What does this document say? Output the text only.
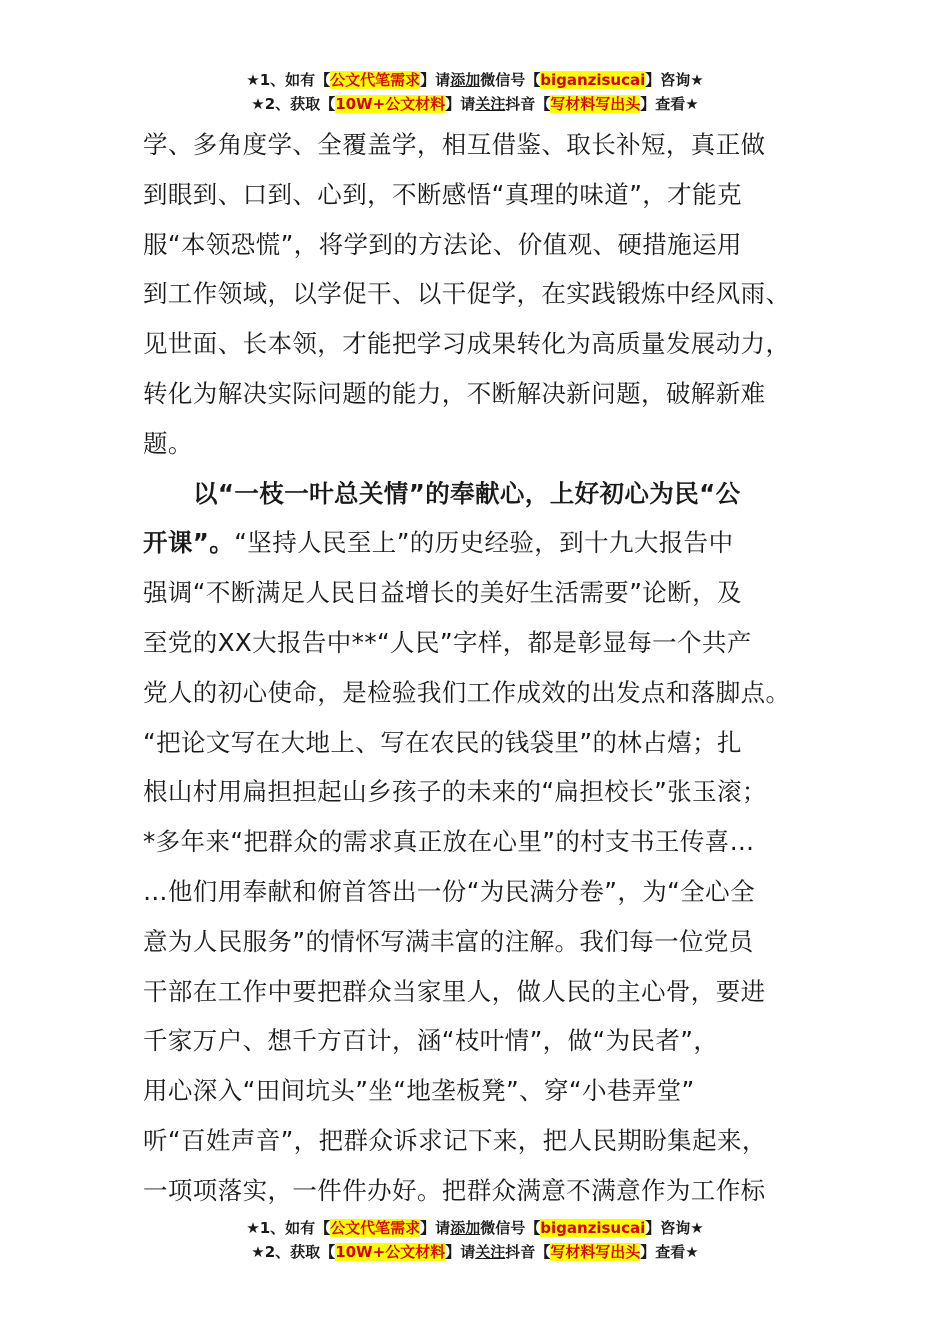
★1、如有【公文代笔需求】请添加微信号【biganzisucai】咨询★
★2、获取【10W+公文材料】请关注抖音【写材料写出头】查看★
学、多角度学、全覆盖学，相互借鉴、取长补短，真正做
到眼到、口到、心到，不断感悟“真理的味道”，才能克
服“本领恐慌”，将学到的方法论、价值观、硬措施运用
到工作领域，以学促干、以干促学，在实践锻炼中经风雨、
见世面、长本领，才能把学习成果转化为高质量发展动力，
转化为解决实际问题的能力，不断解决新问题，破解新难
题。
以“一枝一叶总关情”的奉献心，上好初心为民“公
开课”。“坚持人民至上”的历史经验，到十九大报告中
强调“不断满足人民日益增长的美好生活需要”论断，及
至党的XX大报告中**“人民”字样，都是彰显每一个共产
党人的初心使命，是检验我们工作成效的出发点和落脚点。
“把论文写在大地上、写在农民的钱袋里”的林占熺；扎
根山村用扁担担起山乡孩子的未来的“扁担校长”张玉滚；
*多年来“把群众的需求真正放在心里”的村支书王传喜…
…他们用奉献和俯首答出一份“为民满分卷”，为“全心全
意为人民服务”的情怀写满丰富的注解。我们每一位党员
干部在工作中要把群众当家里人，做人民的主心骨，要进
千家万户、想千方百计，涵“枝叶情”，做“为民者”，
用心深入“田间坑头”坐“地垄板凳”、穿“小巷弄堂”
听“百姓声音”，把群众诉求记下来，把人民期盼集起来，
一项项落实，一件件办好。把群众满意不满意作为工作标
★1、如有【公文代笔需求】请添加微信号【biganzisucai】咨询★
★2、获取【10W+公文材料】请关注抖音【写材料写出头】查看★
